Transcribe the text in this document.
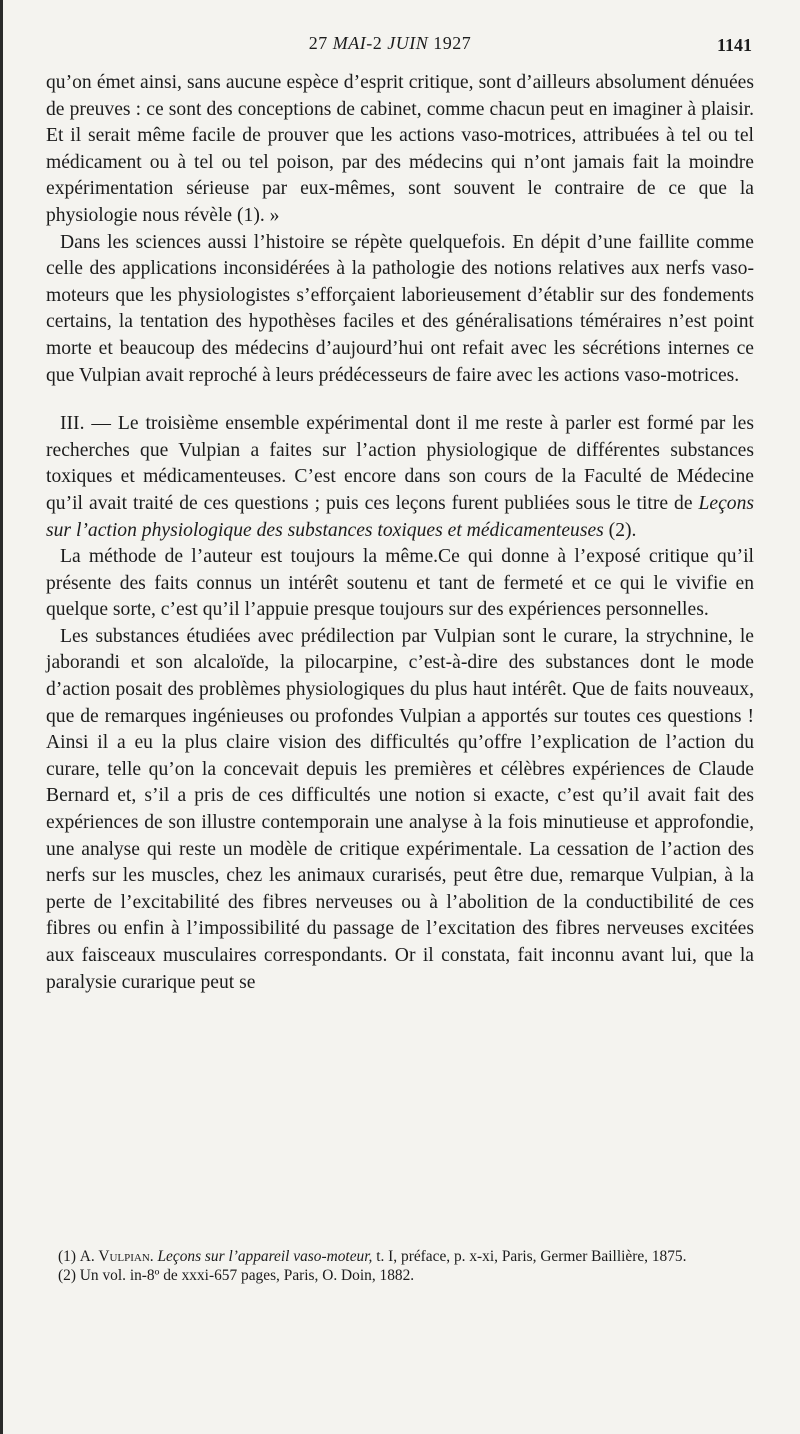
27 MAI-2 JUIN 1927	1141

qu’on émet ainsi, sans aucune espèce d’esprit critique, sont d’ailleurs absolument dénuées de preuves : ce sont des conceptions de cabinet, comme chacun peut en imaginer à plaisir. Et il serait même facile de prouver que les actions vaso-motrices, attribuées à tel ou tel médicament ou à tel ou tel poison, par des médecins qui n’ont jamais fait la moindre expérimentation sérieuse par eux-mêmes, sont souvent le contraire de ce que la physiologie nous révèle (1). »

Dans les sciences aussi l’histoire se répète quelquefois. En dépit d’une faillite comme celle des applications inconsidérées à la pathologie des notions relatives aux nerfs vaso-moteurs que les physiologistes s’efforçaient laborieusement d’établir sur des fondements certains, la tentation des hypothèses faciles et des généralisations téméraires n’est point morte et beaucoup des médecins d’aujourd’hui ont refait avec les sécrétions internes ce que Vulpian avait reproché à leurs prédécesseurs de faire avec les actions vaso-motrices.

III. — Le troisième ensemble expérimental dont il me reste à parler est formé par les recherches que Vulpian a faites sur l’action physiologique de différentes substances toxiques et médicamenteuses. C’est encore dans son cours de la Faculté de Médecine qu’il avait traité de ces questions ; puis ces leçons furent publiées sous le titre de Leçons sur l’action physiologique des substances toxiques et médicamenteuses (2).

La méthode de l’auteur est toujours la même.Ce qui donne à l’exposé critique qu’il présente des faits connus un intérêt soutenu et tant de fermeté et ce qui le vivifie en quelque sorte, c’est qu’il l’appuie presque toujours sur des expériences personnelles.

Les substances étudiées avec prédilection par Vulpian sont le curare, la strychnine, le jaborandi et son alcaloïde, la pilocarpine, c’est-à-dire des substances dont le mode d’action posait des problèmes physiologiques du plus haut intérêt. Que de faits nouveaux, que de remarques ingénieuses ou profondes Vulpian a apportés sur toutes ces questions ! Ainsi il a eu la plus claire vision des difficultés qu’offre l’explication de l’action du curare, telle qu’on la concevait depuis les premières et célèbres expériences de Claude Bernard et, s’il a pris de ces difficultés une notion si exacte, c’est qu’il avait fait des expériences de son illustre contemporain une analyse à la fois minutieuse et approfondie, une analyse qui reste un modèle de critique expérimentale. La cessation de l’action des nerfs sur les muscles, chez les animaux curarisés, peut être due, remarque Vulpian, à la perte de l’excitabilité des fibres nerveuses ou à l’abolition de la conductibilité de ces fibres ou enfin à l’impossibilité du passage de l’excitation des fibres nerveuses excitées aux faisceaux musculaires correspondants. Or il constata, fait inconnu avant lui, que la paralysie curarique peut se

(1) A. Vulpian. Leçons sur l’appareil vaso-moteur, t. I, préface, p. x-xi, Paris, Germer Baillière, 1875.

(2) Un vol. in-8º de xxxi-657 pages, Paris, O. Doin, 1882.
